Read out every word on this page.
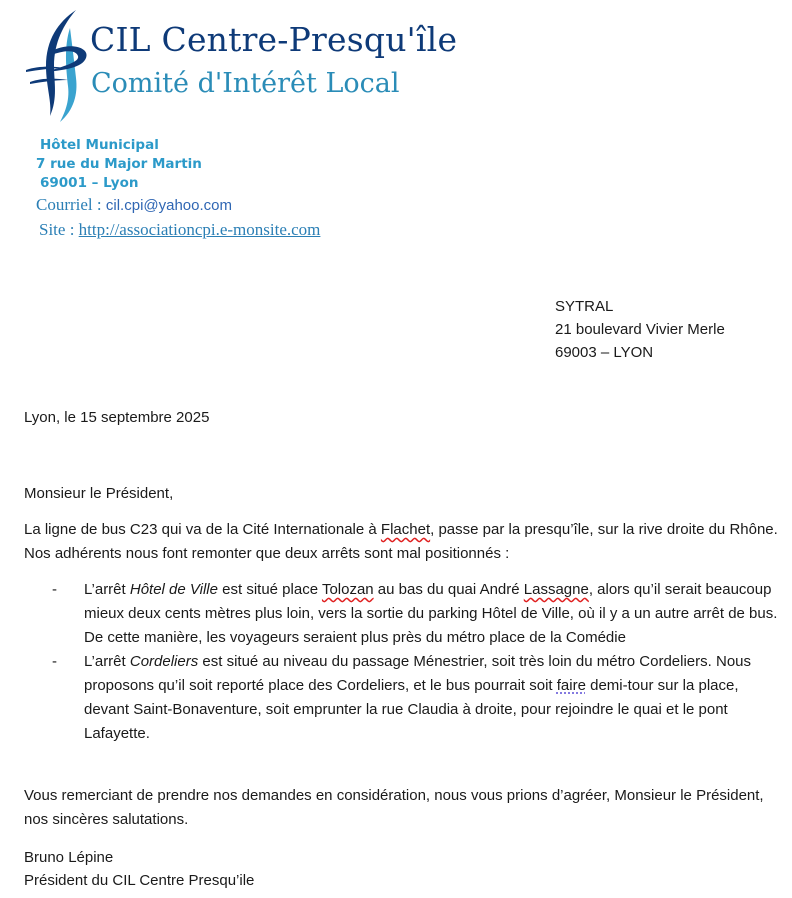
CIL Centre-Presqu'île
Comité d'Intérêt Local
Hôtel Municipal
7 rue du Major Martin
69001 – Lyon
Courriel : cil.cpi@yahoo.com
Site : http://associationcpi.e-monsite.com
SYTRAL
21 boulevard Vivier Merle
69003 – LYON
Lyon, le 15 septembre 2025
Monsieur le Président,
La ligne de bus C23 qui va de la Cité Internationale à Flachet, passe par la presqu’île, sur la rive droite du Rhône. Nos adhérents nous font remonter que deux arrêts sont mal positionnés :
- L’arrêt Hôtel de Ville est situé place Tolozan au bas du quai André Lassagne, alors qu’il serait beaucoup mieux deux cents mètres plus loin, vers la sortie du parking Hôtel de Ville, où il y a un autre arrêt de bus. De cette manière, les voyageurs seraient plus près du métro place de la Comédie
- L’arrêt Cordeliers est situé au niveau du passage Ménestrier, soit très loin du métro Cordeliers. Nous proposons qu’il soit reporté place des Cordeliers, et le bus pourrait soit faire demi-tour sur la place, devant Saint-Bonaventure, soit emprunter la rue Claudia à droite, pour rejoindre le quai et le pont Lafayette.
Vous remerciant de prendre nos demandes en considération, nous vous prions d’agréer, Monsieur le Président, nos sincères salutations.
Bruno Lépine
Président du CIL Centre Presqu’ile
